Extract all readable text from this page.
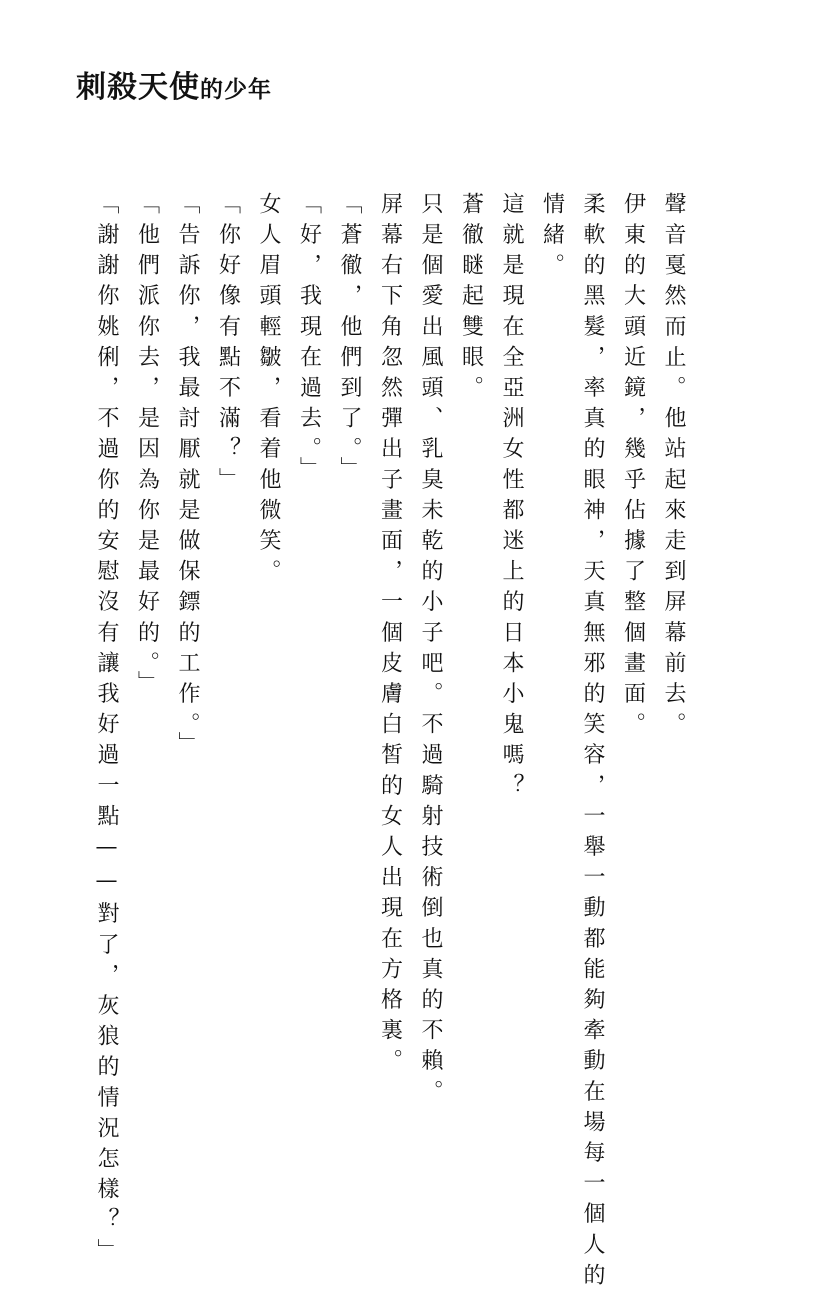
刺殺天使的少年
聲音戛然而止。他站起來走到屏幕前去。
伊東的大頭近鏡，幾乎佔據了整個畫面。
柔軟的黑髮，率真的眼神，天真無邪的笑容，一舉一動都能夠牽動在場每一個人的
情緒。
這就是現在全亞洲女性都迷上的日本小鬼嗎？
蒼徹瞇起雙眼。
只是個愛出風頭、乳臭未乾的小子吧。不過騎射技術倒也真的不賴。
屏幕右下角忽然彈出子畫面，一個皮膚白皙的女人出現在方格裏。
「蒼徹，他們到了。」
「好，我現在過去。」
女人眉頭輕皺，看着他微笑。
「你好像有點不滿？」
「告訴你，我最討厭就是做保鏢的工作。」
「他們派你去，是因為你是最好的。」
「謝謝你姚俐，不過你的安慰沒有讓我好過一點——對了，灰狼的情況怎樣？」
